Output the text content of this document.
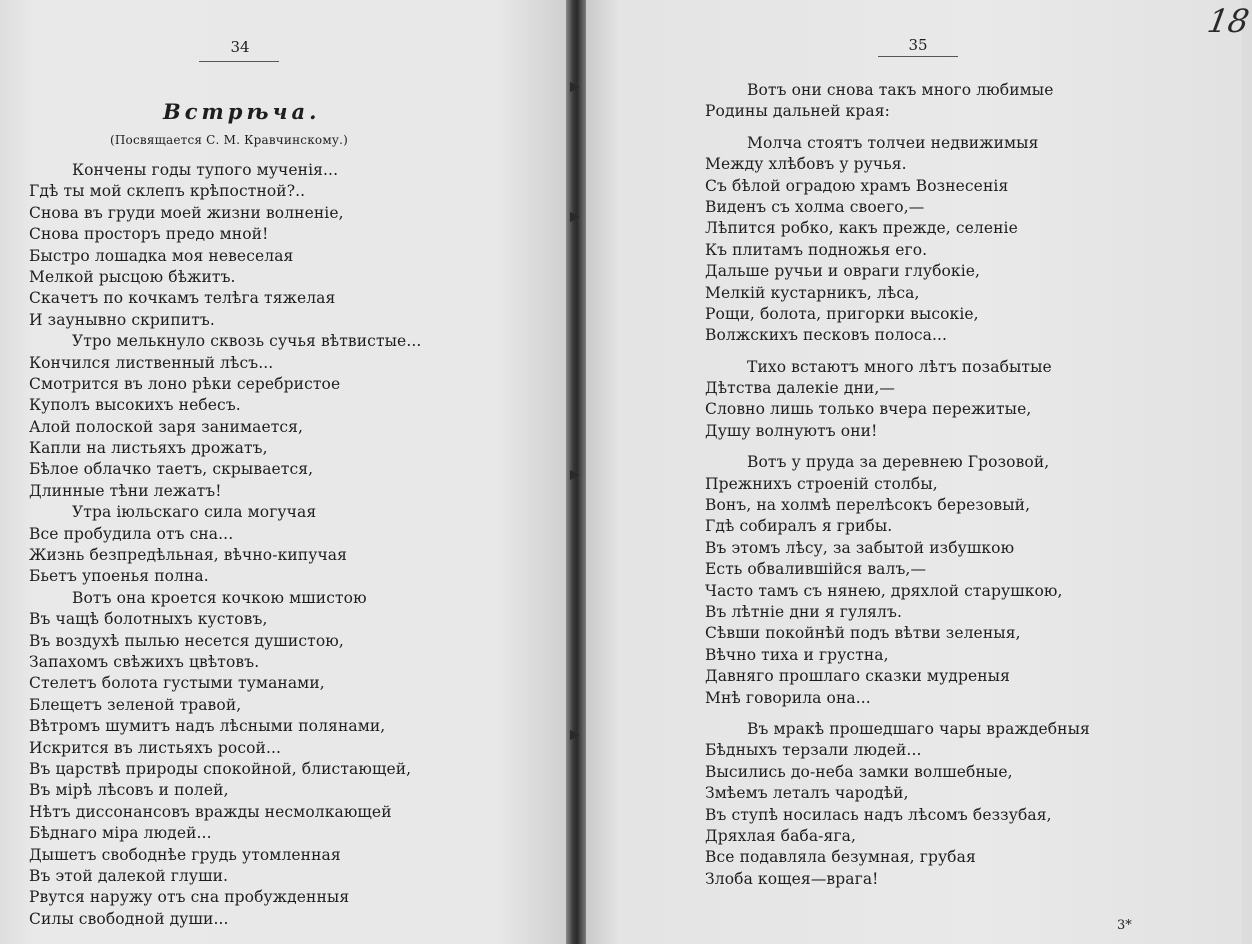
34
Встрѣча.
(Посвящается С. М. Кравчинскому.)
Кончены годы тупого мученія...
Гдѣ ты мой склепъ крѣпостной?..
Снова въ груди моей жизни волненіе,
Снова просторъ предо мной!
Быстро лошадка моя невеселая
Мелкой рысцою бѣжитъ.
Скачетъ по кочкамъ телѣга тяжелая
И заунывно скрипитъ.
Утро мелькнуло сквозь сучья вѣтвистые...
Кончился лиственный лѣсъ...
Смотрится въ лоно рѣки серебристое
Куполъ высокихъ небесъ.
Алой полоской заря занимается,
Капли на листьяхъ дрожатъ,
Бѣлое облачко таетъ, скрывается,
Длинные тѣни лежатъ!
Утра іюльскаго сила могучая
Все пробудила отъ сна...
Жизнь безпредѣльная, вѣчно-кипучая
Бьетъ упоенья полна.
Вотъ она кроется кочкою мшистою
Въ чащѣ болотныхъ кустовъ,
Въ воздухѣ пылью несется душистою,
Запахомъ свѣжихъ цвѣтовъ.
Стелетъ болота густыми туманами,
Блещетъ зеленой травой,
Вѣтромъ шумитъ надъ лѣсными полянами,
Искрится въ листьяхъ росой...
Въ царствѣ природы спокойной, блистающей,
Въ мірѣ лѣсовъ и полей,
Нѣтъ диссонансовъ вражды несмолкающей
Бѣднаго міра людей...
Дышетъ свободнѣе грудь утомленная
Въ этой далекой глуши.
Рвутся наружу отъ сна пробужденныя
Силы свободной души...
35
Вотъ они снова такъ много любимые
Родины дальней края:
Молча стоятъ толчеи недвижимыя
Между хлѣбовъ у ручья.
Съ бѣлой оградою храмъ Вознесенія
Виденъ съ холма своего,—
Лѣпится робко, какъ прежде, селеніе
Къ плитамъ подножья его.
Дальше ручьи и овраги глубокіе,
Мелкій кустарникъ, лѣса,
Рощи, болота, пригорки высокіе,
Волжскихъ песковъ полоса...
Тихо встаютъ много лѣтъ позабытые
Дѣтства далекіе дни,—
Словно лишь только вчера пережитые,
Душу волнуютъ они!
Вотъ у пруда за деревнею Грозовой,
Прежнихъ строеній столбы,
Вонъ, на холмѣ перелѣсокъ березовый,
Гдѣ собиралъ я грибы.
Въ этомъ лѣсу, за забытой избушкою
Есть обвалившійся валъ,—
Часто тамъ съ нянею, дряхлой старушкою,
Въ лѣтніе дни я гулялъ.
Сѣвши покойнѣй подъ вѣтви зеленыя,
Вѣчно тиха и грустна,
Давняго прошлаго сказки мудреныя
Мнѣ говорила она...
Въ мракѣ прошедшаго чары враждебныя
Бѣдныхъ терзали людей...
Высились до-неба замки волшебные,
Змѣемъ леталъ чародѣй,
Въ ступѣ носилась надъ лѣсомъ беззубая,
Дряхлая баба-яга,
Все подавляла безумная, грубая
Злоба кощея—врага!
18
3*
